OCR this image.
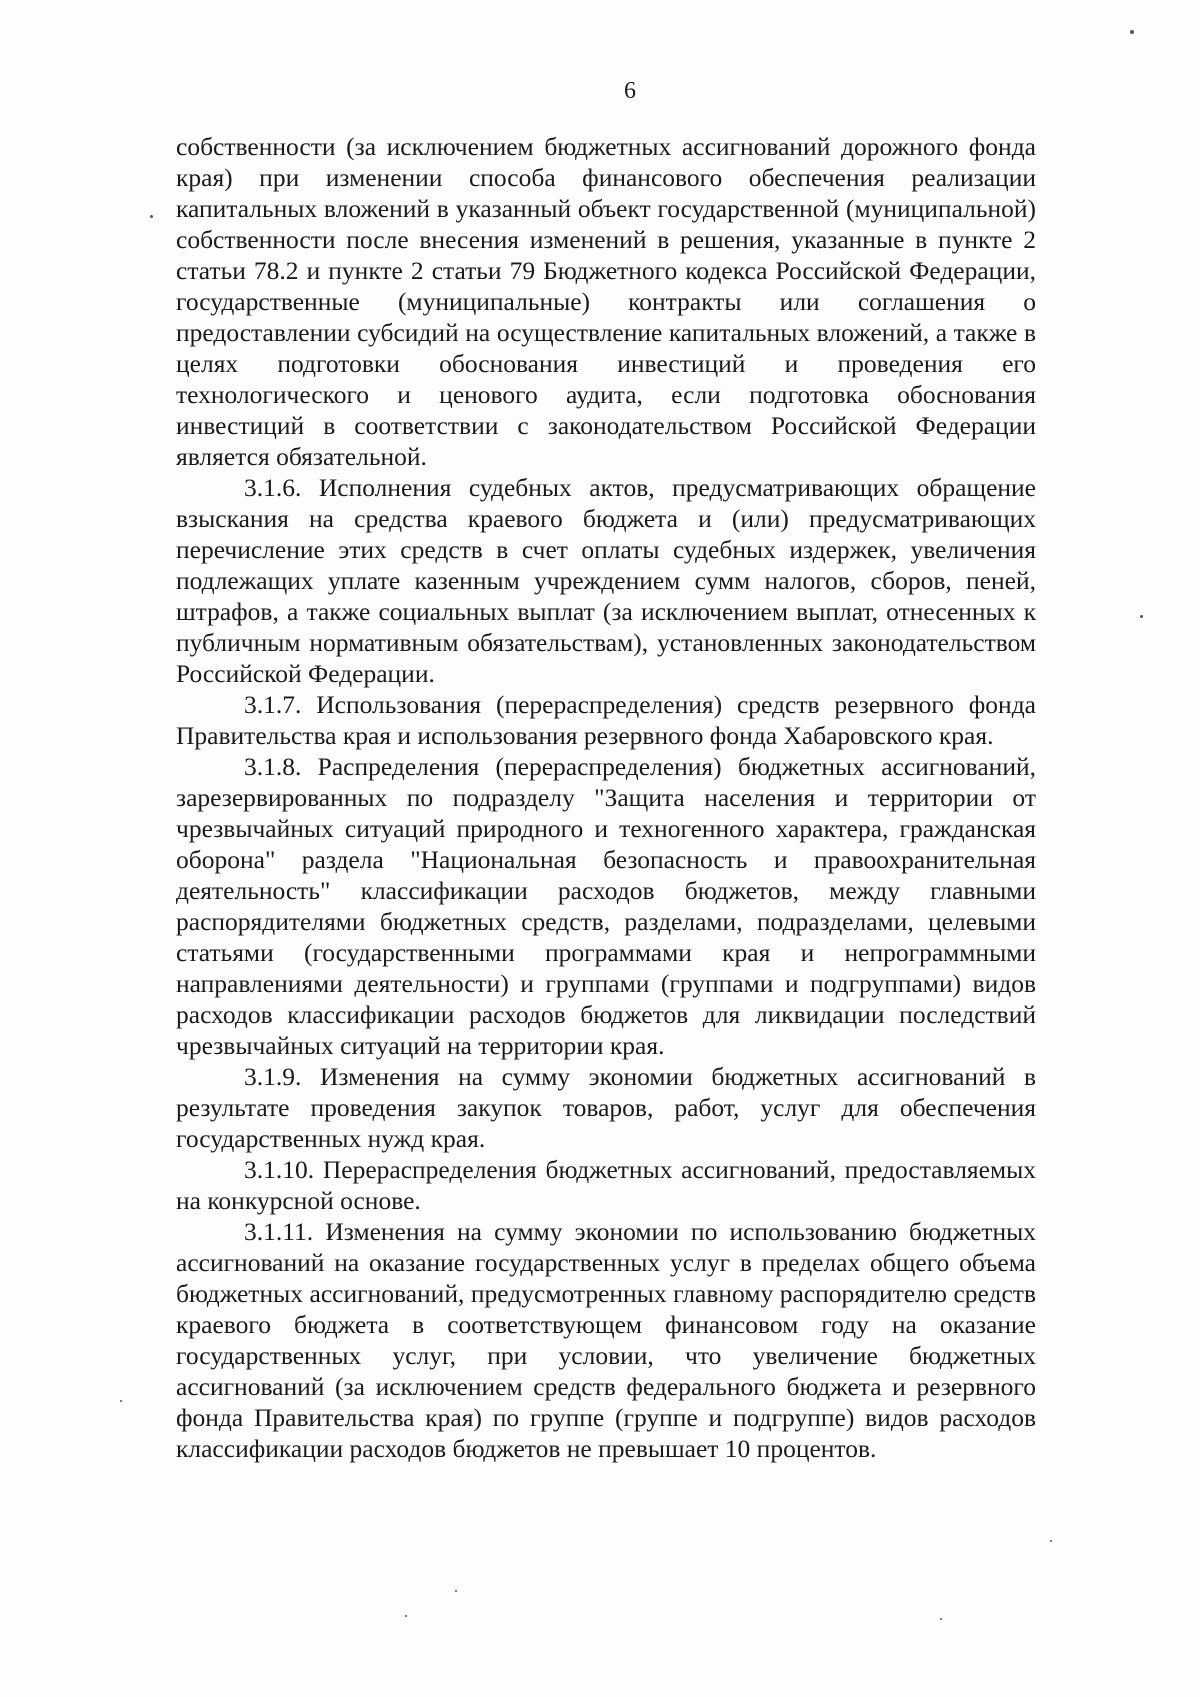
6

собственности (за исключением бюджетных ассигнований дорожного фонда края) при изменении способа финансового обеспечения реализации капитальных вложений в указанный объект государственной (муниципальной) собственности после внесения изменений в решения, указанные в пункте 2 статьи 78.2 и пункте 2 статьи 79 Бюджетного кодекса Российской Федерации, государственные (муниципальные) контракты или соглашения о предоставлении субсидий на осуществление капитальных вложений, а также в целях подготовки обоснования инвестиций и проведения его технологического и ценового аудита, если подготовка обоснования инвестиций в соответствии с законодательством Российской Федерации является обязательной.

3.1.6. Исполнения судебных актов, предусматривающих обращение взыскания на средства краевого бюджета и (или) предусматривающих перечисление этих средств в счет оплаты судебных издержек, увеличения подлежащих уплате казенным учреждением сумм налогов, сборов, пеней, штрафов, а также социальных выплат (за исключением выплат, отнесенных к публичным нормативным обязательствам), установленных законодательством Российской Федерации.

3.1.7. Использования (перераспределения) средств резервного фонда Правительства края и использования резервного фонда Хабаровского края.

3.1.8. Распределения (перераспределения) бюджетных ассигнований, зарезервированных по подразделу "Защита населения и территории от чрезвычайных ситуаций природного и техногенного характера, гражданская оборона" раздела "Национальная безопасность и правоохранительная деятельность" классификации расходов бюджетов, между главными распорядителями бюджетных средств, разделами, подразделами, целевыми статьями (государственными программами края и непрограммными направлениями деятельности) и группами (группами и подгруппами) видов расходов классификации расходов бюджетов для ликвидации последствий чрезвычайных ситуаций на территории края.

3.1.9. Изменения на сумму экономии бюджетных ассигнований в результате проведения закупок товаров, работ, услуг для обеспечения государственных нужд края.

3.1.10. Перераспределения бюджетных ассигнований, предоставляемых на конкурсной основе.

3.1.11. Изменения на сумму экономии по использованию бюджетных ассигнований на оказание государственных услуг в пределах общего объема бюджетных ассигнований, предусмотренных главному распорядителю средств краевого бюджета в соответствующем финансовом году на оказание государственных услуг, при условии, что увеличение бюджетных ассигнований (за исключением средств федерального бюджета и резервного фонда Правительства края) по группе (группе и подгруппе) видов расходов классификации расходов бюджетов не превышает 10 процентов.
